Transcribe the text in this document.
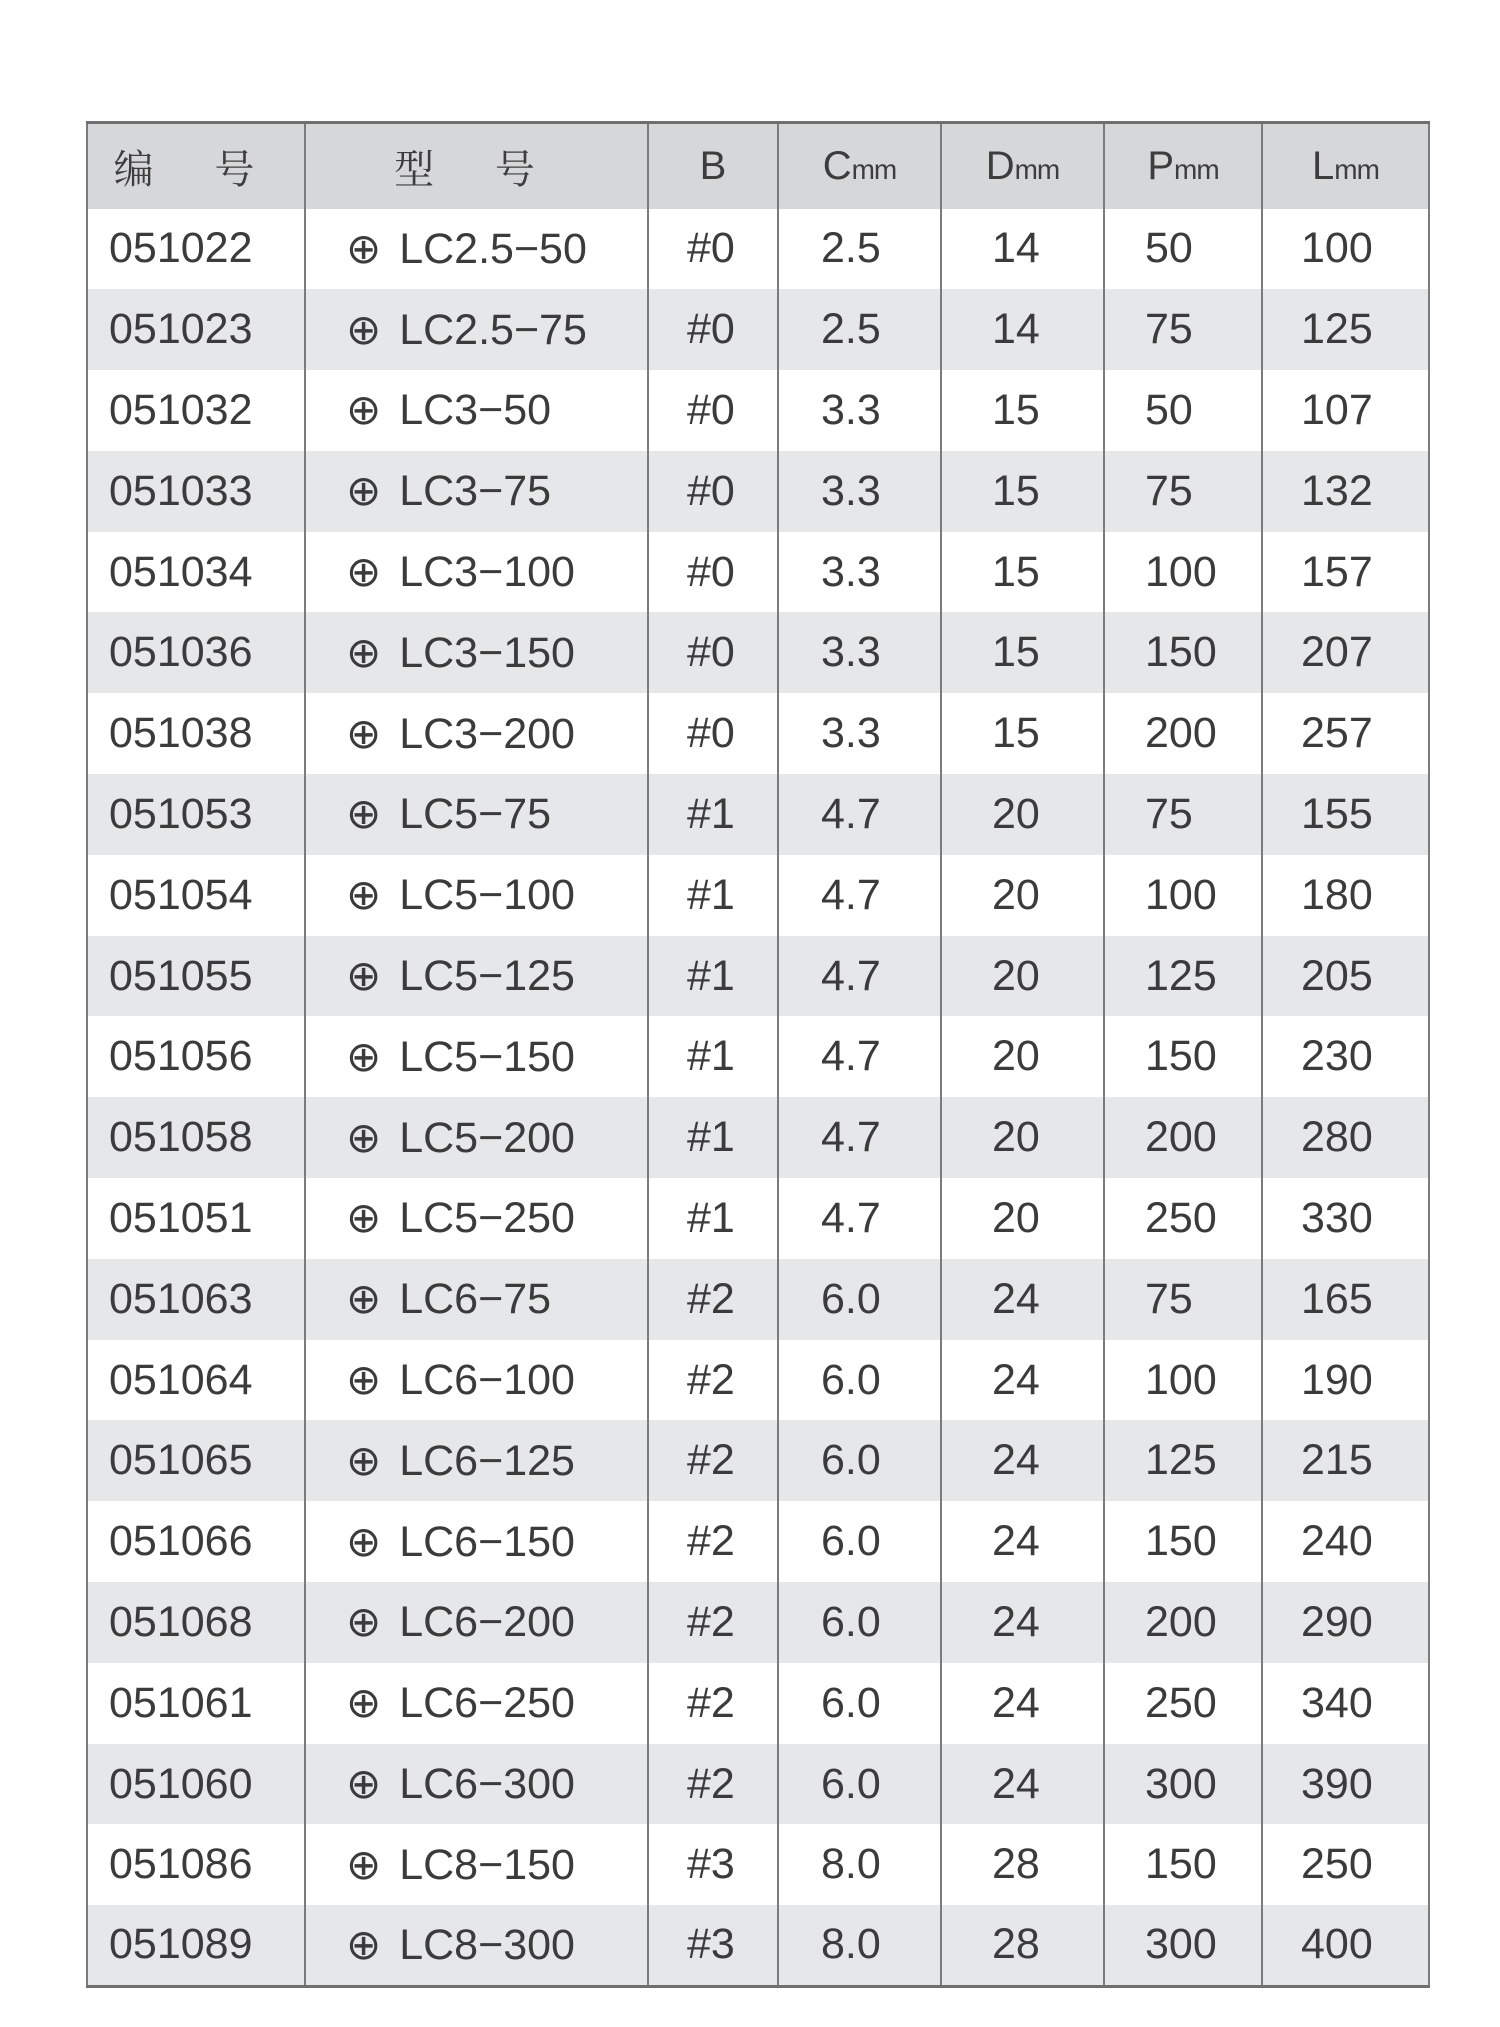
编 号	型 号	B	Cmm	Dmm	Pmm	Lmm
051022	⊕ LC2.5−50	#0	2.5	14	50	100
051023	⊕ LC2.5−75	#0	2.5	14	75	125
051032	⊕ LC3−50	#0	3.3	15	50	107
051033	⊕ LC3−75	#0	3.3	15	75	132
051034	⊕ LC3−100	#0	3.3	15	100	157
051036	⊕ LC3−150	#0	3.3	15	150	207
051038	⊕ LC3−200	#0	3.3	15	200	257
051053	⊕ LC5−75	#1	4.7	20	75	155
051054	⊕ LC5−100	#1	4.7	20	100	180
051055	⊕ LC5−125	#1	4.7	20	125	205
051056	⊕ LC5−150	#1	4.7	20	150	230
051058	⊕ LC5−200	#1	4.7	20	200	280
051051	⊕ LC5−250	#1	4.7	20	250	330
051063	⊕ LC6−75	#2	6.0	24	75	165
051064	⊕ LC6−100	#2	6.0	24	100	190
051065	⊕ LC6−125	#2	6.0	24	125	215
051066	⊕ LC6−150	#2	6.0	24	150	240
051068	⊕ LC6−200	#2	6.0	24	200	290
051061	⊕ LC6−250	#2	6.0	24	250	340
051060	⊕ LC6−300	#2	6.0	24	300	390
051086	⊕ LC8−150	#3	8.0	28	150	250
051089	⊕ LC8−300	#3	8.0	28	300	400
